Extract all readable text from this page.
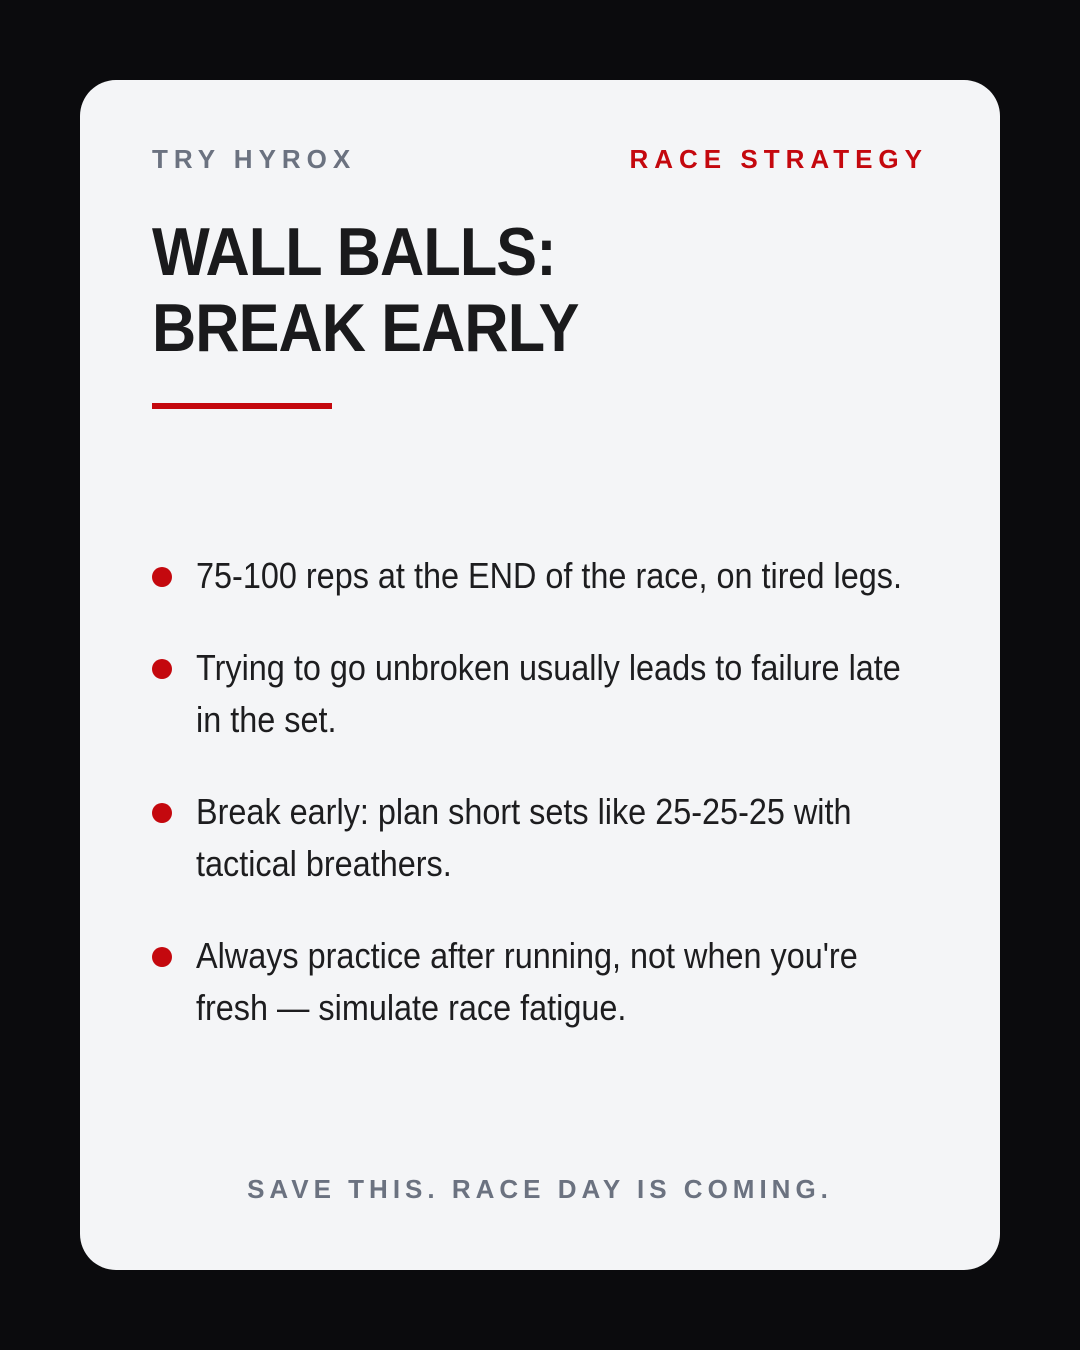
TRY HYROX	RACE STRATEGY
WALL BALLS: BREAK EARLY
75-100 reps at the END of the race, on tired legs.
Trying to go unbroken usually leads to failure late in the set.
Break early: plan short sets like 25-25-25 with tactical breathers.
Always practice after running, not when you're fresh — simulate race fatigue.
SAVE THIS. RACE DAY IS COMING.
